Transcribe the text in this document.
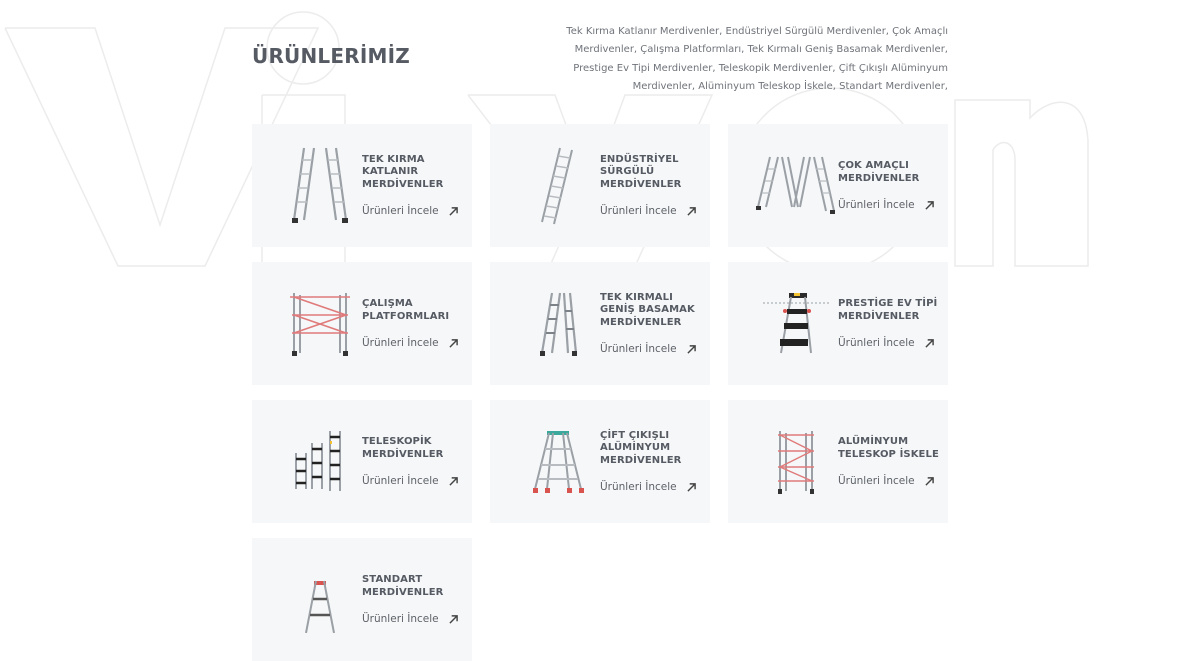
ÜRÜNLERİMİZ
Tek Kırma Katlanır Merdivenler, Endüstriyel Sürgülü Merdivenler, Çok Amaçlı
Merdivenler, Çalışma Platformları, Tek Kırmalı Geniş Basamak Merdivenler,
Prestige Ev Tipi Merdivenler, Teleskopik Merdivenler, Çift Çıkışlı Alüminyum
Merdivenler, Alüminyum Teleskop İskele, Standart Merdivenler,
TEK KIRMA
KATLANIR
MERDİVENLER
Ürünleri İncele
ENDÜSTRİYEL
SÜRGÜLÜ
MERDİVENLER
Ürünleri İncele
ÇOK AMAÇLI
MERDİVENLER
Ürünleri İncele
ÇALIŞMA
PLATFORMLARI
Ürünleri İncele
TEK KIRMALI
GENİŞ BASAMAK
MERDİVENLER
Ürünleri İncele
PRESTİGE EV TİPİ
MERDİVENLER
Ürünleri İncele
TELESKOPİK
MERDİVENLER
Ürünleri İncele
ÇİFT ÇIKIŞLI
ALÜMİNYUM
MERDİVENLER
Ürünleri İncele
ALÜMİNYUM
TELESKOP İSKELE
Ürünleri İncele
STANDART
MERDİVENLER
Ürünleri İncele
